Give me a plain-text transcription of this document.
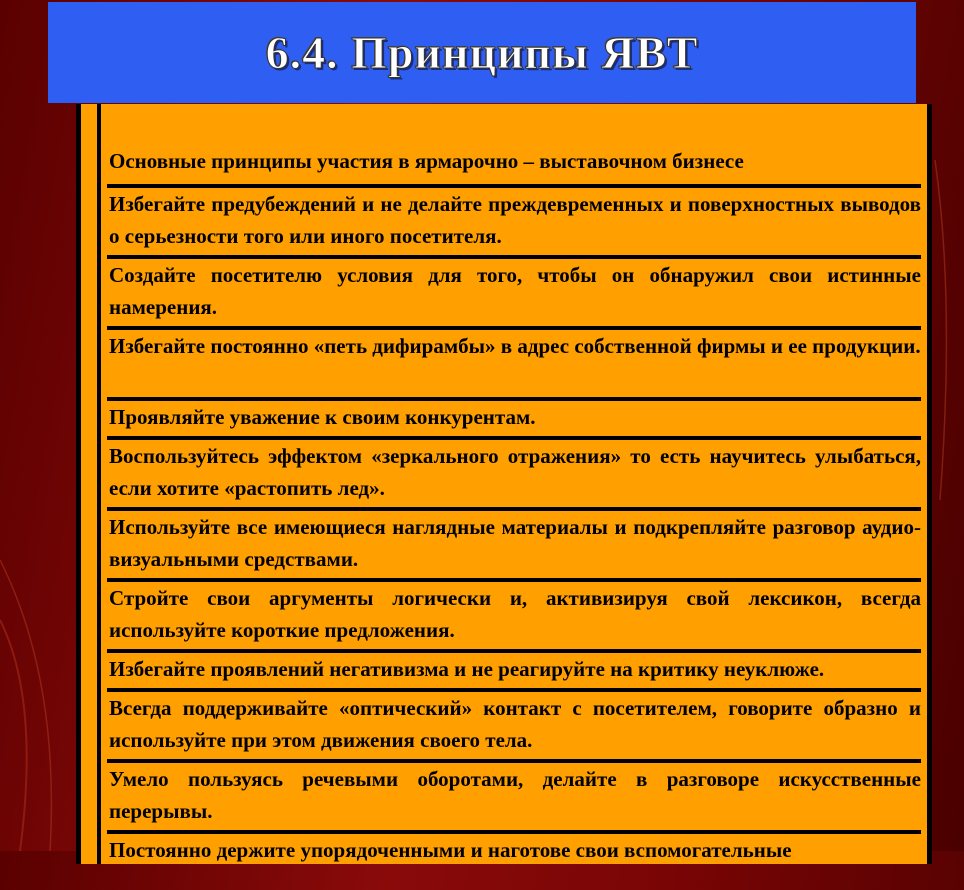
6.4. Принципы ЯВТ
Основные принципы участия в ярмарочно – выставочном бизнесе
Избегайте предубеждений и не делайте преждевременных и поверхностных выводов о серьезности того или иного посетителя.
Создайте посетителю условия для того, чтобы он обнаружил свои истинные намерения.
Избегайте постоянно «петь дифирамбы» в адрес собственной фирмы и ее продукции.
Проявляйте уважение к своим конкурентам.
Воспользуйтесь эффектом «зеркального отражения» то есть научитесь улыбаться, если хотите «растопить лед».
Используйте все имеющиеся наглядные материалы и подкрепляйте разговор аудио-визуальными средствами.
Стройте свои аргументы логически и, активизируя свой лексикон, всегда используйте короткие предложения.
Избегайте проявлений негативизма и не реагируйте на критику неуклюже.
Всегда поддерживайте «оптический» контакт с посетителем, говорите образно и используйте при этом движения своего тела.
Умело пользуясь речевыми оборотами, делайте в разговоре искусственные перерывы.
Постоянно держите упорядоченными и наготове свои вспомогательные
